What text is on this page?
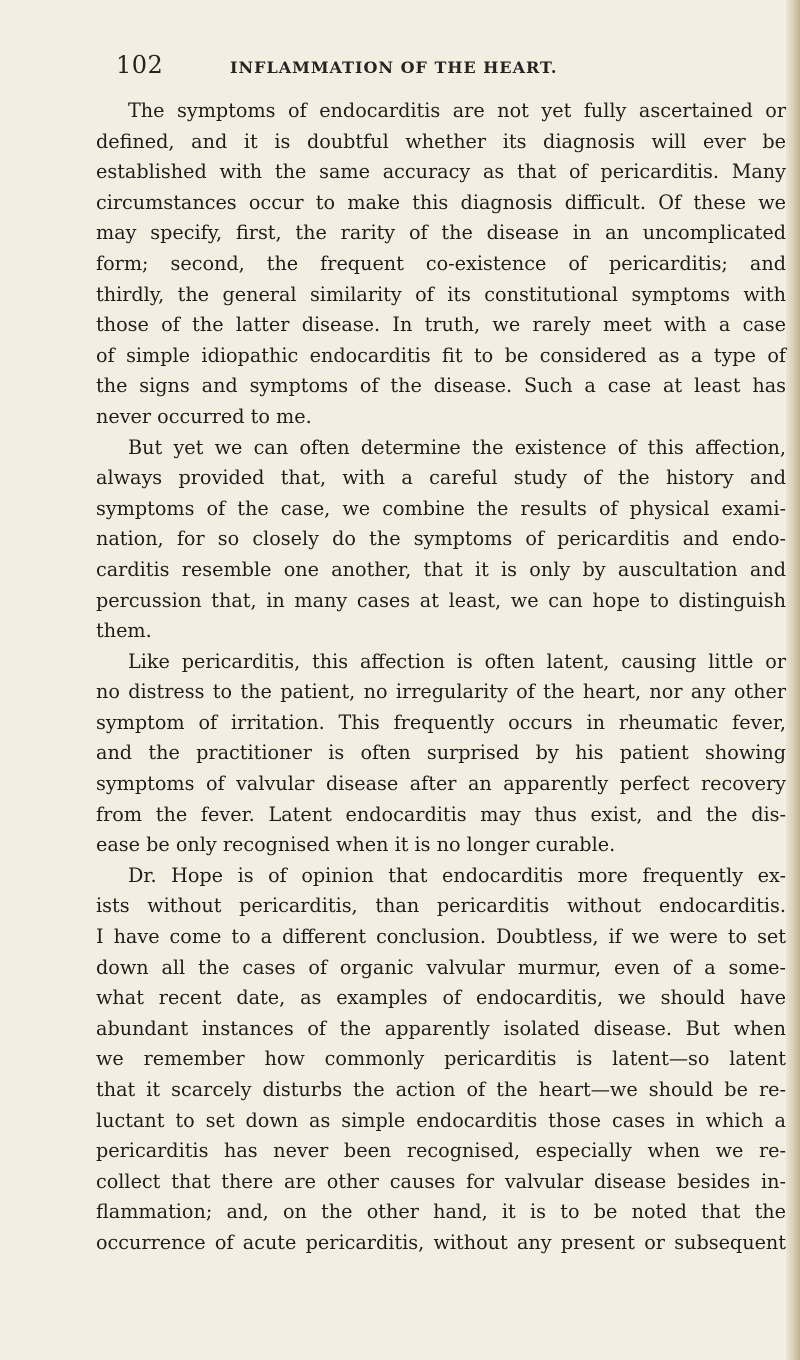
102	INFLAMMATION OF THE HEART.
The symptoms of endocarditis are not yet fully ascertained or
defined, and it is doubtful whether its diagnosis will ever be
established with the same accuracy as that of pericarditis. Many
circumstances occur to make this diagnosis difficult. Of these we
may specify, first, the rarity of the disease in an uncomplicated
form; second, the frequent co-existence of pericarditis; and
thirdly, the general similarity of its constitutional symptoms with
those of the latter disease. In truth, we rarely meet with a case
of simple idiopathic endocarditis fit to be considered as a type of
the signs and symptoms of the disease. Such a case at least has
never occurred to me.
But yet we can often determine the existence of this affection,
always provided that, with a careful study of the history and
symptoms of the case, we combine the results of physical exami-
nation, for so closely do the symptoms of pericarditis and endo-
carditis resemble one another, that it is only by auscultation and
percussion that, in many cases at least, we can hope to distinguish
them.
Like pericarditis, this affection is often latent, causing little or
no distress to the patient, no irregularity of the heart, nor any other
symptom of irritation. This frequently occurs in rheumatic fever,
and the practitioner is often surprised by his patient showing
symptoms of valvular disease after an apparently perfect recovery
from the fever. Latent endocarditis may thus exist, and the dis-
ease be only recognised when it is no longer curable.
Dr. Hope is of opinion that endocarditis more frequently ex-
ists without pericarditis, than pericarditis without endocarditis.
I have come to a different conclusion. Doubtless, if we were to set
down all the cases of organic valvular murmur, even of a some-
what recent date, as examples of endocarditis, we should have
abundant instances of the apparently isolated disease. But when
we remember how commonly pericarditis is latent—so latent
that it scarcely disturbs the action of the heart—we should be re-
luctant to set down as simple endocarditis those cases in which a
pericarditis has never been recognised, especially when we re-
collect that there are other causes for valvular disease besides in-
flammation; and, on the other hand, it is to be noted that the
occurrence of acute pericarditis, without any present or subsequent
